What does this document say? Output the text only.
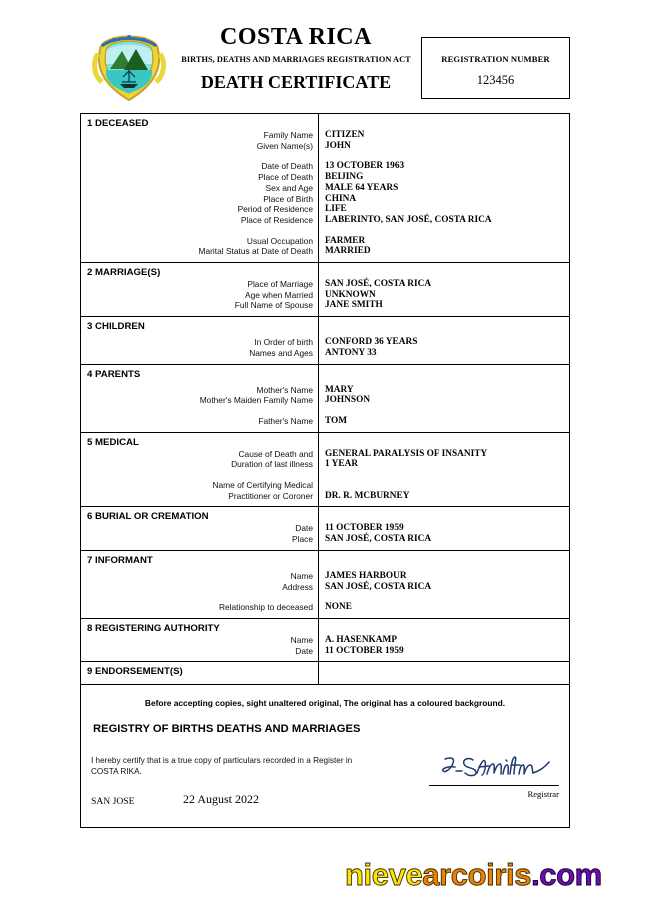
COSTA RICA
BIRTHS, DEATHS AND MARRIAGES REGISTRATION ACT
DEATH CERTIFICATE
REGISTRATION NUMBER
123456
1 DECEASED
Family Name
Given Name(s)
Date of Death
Place of Death
Sex and Age
Place of Birth
Period of Residence
Place of Residence
Usual Occupation
Marital Status at Date of Death

CITIZEN
JOHN
13 OCTOBER 1963
BEIJING
MALE 64 YEARS
CHINA
LIFE
LABERINTO, SAN JOSÉ, COSTA RICA
FARMER
MARRIED
2 MARRIAGE(S)
Place of Marriage
Age when Married
Full Name of Spouse

SAN JOSÉ, COSTA RICA
UNKNOWN
JANE SMITH
3 CHILDREN
In Order of birth
Names and Ages

CONFORD 36 YEARS
ANTONY 33
4 PARENTS
Mother's Name
Mother's Maiden Family Name
Father's Name

MARY
JOHNSON
TOM
5 MEDICAL
Cause of Death and
Duration of last illness
Name of Certifying Medical
Practitioner or Coroner

GENERAL PARALYSIS OF INSANITY
1 YEAR
DR. R. MCBURNEY
6 BURIAL OR CREMATION
Date
Place

11 OCTOBER 1959
SAN JOSÉ, COSTA RICA
7 INFORMANT
Name
Address
Relationship to deceased

JAMES HARBOUR
SAN JOSÉ, COSTA RICA
NONE
8 REGISTERING AUTHORITY
Name
Date

A. HASENKAMP
11 OCTOBER 1959
9 ENDORSEMENT(S)

Before accepting copies, sight unaltered original, The original has a coloured background.
REGISTRY OF BIRTHS DEATHS AND MARRIAGES
I hereby certify that is a true copy of particulars recorded in a Register in
COSTA RIKA.
SAN JOSE	22 August 2022	Registrar
nievearcoiris.com
